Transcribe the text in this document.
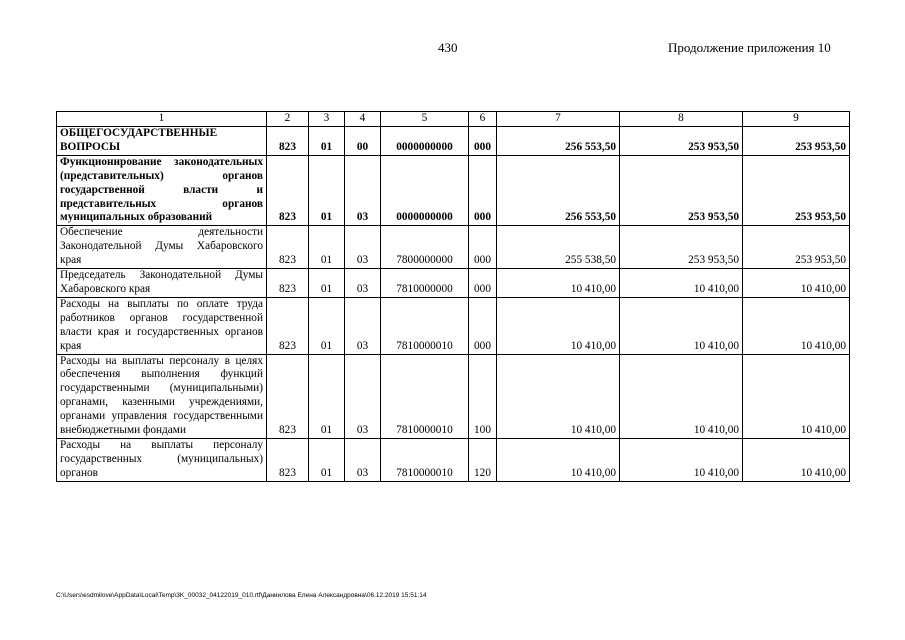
430	Продолжение приложения 10
1	2	3	4	5	6	7	8	9
ОБЩЕГОСУДАРСТВЕННЫЕ ВОПРОСЫ	823	01	00	0000000000	000	256 553,50	253 953,50	253 953,50
Функционирование законодательных (представительных) органов государственной власти и представительных органов муниципальных образований	823	01	03	0000000000	000	256 553,50	253 953,50	253 953,50
Обеспечение деятельности Законодательной Думы Хабаровского края	823	01	03	7800000000	000	255 538,50	253 953,50	253 953,50
Председатель Законодательной Думы Хабаровского края	823	01	03	7810000000	000	10 410,00	10 410,00	10 410,00
Расходы на выплаты по оплате труда работников органов государственной власти края и государственных органов края	823	01	03	7810000010	000	10 410,00	10 410,00	10 410,00
Расходы на выплаты персоналу в целях обеспечения выполнения функций государственными (муниципальными) органами, казенными учреждениями, органами управления государственными внебюджетными фондами	823	01	03	7810000010	100	10 410,00	10 410,00	10 410,00
Расходы на выплаты персоналу государственных (муниципальных) органов	823	01	03	7810000010	120	10 410,00	10 410,00	10 410,00
C:\Users\esdmilove\AppData\Local\Temp\3K_00032_04122019_010.rtf\Даниилова Елена Александровна\06.12.2019 15:51:14
